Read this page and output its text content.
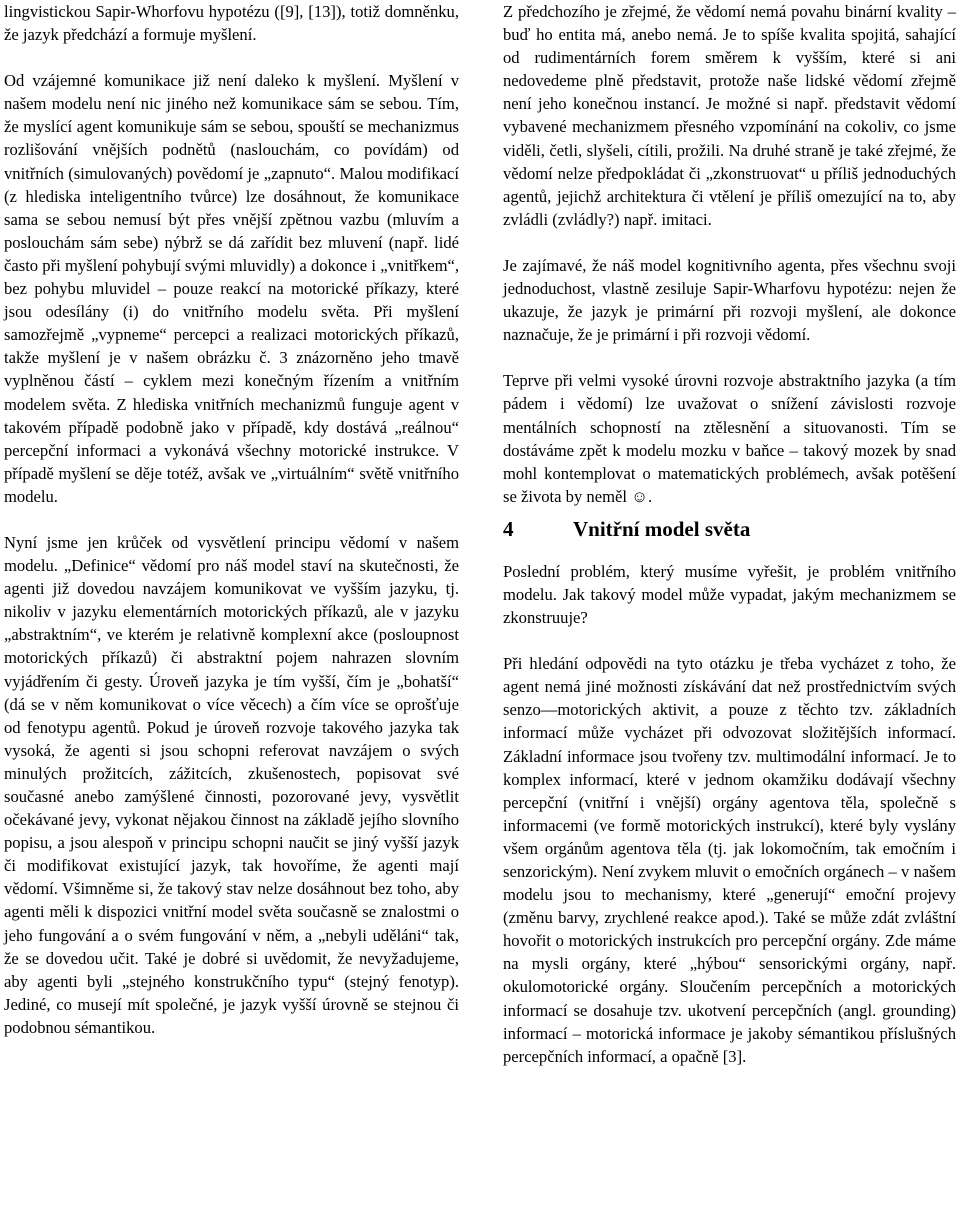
lingvistickou Sapir-Whorfovu hypotézu ([9], [13]), totiž domněnku, že jazyk předchází a formuje myšlení.

Od vzájemné komunikace již není daleko k myšlení. Myšlení v našem modelu není nic jiného než komunikace sám se sebou. Tím, že myslící agent komunikuje sám se sebou, spouští se mechanizmus rozlišování vnějších podnětů (naslouchám, co povídám) od vnitřních (simulovaných) povědomí je „zapnuto“. Malou modifikací (z hlediska inteligentního tvůrce) lze dosáhnout, že komunikace sama se sebou nemusí být přes vnější zpětnou vazbu (mluvím a poslouchám sám sebe) nýbrž se dá zařídit bez mluvení (např. lidé často při myšlení pohybují svými mluvidly) a dokonce i „vnitřkem“, bez pohybu mluvidel – pouze reakcí na motorické příkazy, které jsou odesílány (i) do vnitřního modelu světa. Při myšlení samozřejmě „vypneme“ percepci a realizaci motorických příkazů, takže myšlení je v našem obrázku č. 3 znázorněno jeho tmavě vyplněnou částí – cyklem mezi konečným řízením a vnitřním modelem světa. Z hlediska vnitřních mechanizmů funguje agent v takovém případě podobně jako v případě, kdy dostává „reálnou“ percepční informaci a vykonává všechny motorické instrukce. V případě myšlení se děje totéž, avšak ve „virtuálním“ světě vnitřního modelu.

Nyní jsme jen krůček od vysvětlení principu vědomí v našem modelu. „Definice“ vědomí pro náš model staví na skutečnosti, že agenti již dovedou navzájem komunikovat ve vyšším jazyku, tj. nikoliv v jazyku elementárních motorických příkazů, ale v jazyku „abstraktním“, ve kterém je relativně komplexní akce (posloupnost motorických příkazů) či abstraktní pojem nahrazen slovním vyjádřením či gesty. Úroveň jazyka je tím vyšší, čím je „bohatší“ (dá se v něm komunikovat o více věcech) a čím více se oprošťuje od fenotypu agentů. Pokud je úroveň rozvoje takového jazyka tak vysoká, že agenti si jsou schopni referovat navzájem o svých minulých prožitcích, zážitcích, zkušenostech, popisovat své současné anebo zamýšlené činnosti, pozorované jevy, vysvětlit očekávané jevy, vykonat nějakou činnost na základě jejího slovního popisu, a jsou alespoň v principu schopni naučit se jiný vyšší jazyk či modifikovat existující jazyk, tak hovoříme, že agenti mají vědomí. Všimněme si, že takový stav nelze dosáhnout bez toho, aby agenti měli k dispozici vnitřní model světa současně se znalostmi o jeho fungování a o svém fungování v něm, a „nebyli uděláni“ tak, že se dovedou učit. Také je dobré si uvědomit, že nevyžadujeme, aby agenti byli „stejného konstrukčního typu“ (stejný fenotyp). Jediné, co musejí mít společné, je jazyk vyšší úrovně se stejnou či podobnou sémantikou.

Z předchozího je zřejmé, že vědomí nemá povahu binární kvality – buď ho entita má, anebo nemá. Je to spíše kvalita spojitá, sahající od rudimentárních forem směrem k vyšším, které si ani nedovedeme plně představit, protože naše lidské vědomí zřejmě není jeho konečnou instancí. Je možné si např. představit vědomí vybavené mechanizmem přesného vzpomínání na cokoliv, co jsme viděli, četli, slyšeli, cítili, prožili. Na druhé straně je také zřejmé, že vědomí nelze předpokládat či „zkonstruovat“ u příliš jednoduchých agentů, jejichž architektura či vtělení je příliš omezující na to, aby zvládli (zvládly?) např. imitaci.

Je zajímavé, že náš model kognitivního agenta, přes všechnu svoji jednoduchost, vlastně zesiluje Sapir-Wharfovu hypotézu: nejen že ukazuje, že jazyk je primární při rozvoji myšlení, ale dokonce naznačuje, že je primární i při rozvoji vědomí.

Teprve při velmi vysoké úrovni rozvoje abstraktního jazyka (a tím pádem i vědomí) lze uvažovat o snížení závislosti rozvoje mentálních schopností na ztělesnění a situovanosti. Tím se dostáváme zpět k modelu mozku v baňce – takový mozek by snad mohl kontemplovat o matematických problémech, avšak potěšení se života by neměl ☺.

4	Vnitřní model světa

Poslední problém, který musíme vyřešit, je problém vnitřního modelu. Jak takový model může vypadat, jakým mechanizmem se zkonstruuje?

Při hledání odpovědi na tyto otázku je třeba vycházet z toho, že agent nemá jiné možnosti získávání dat než prostřednictvím svých senzo—motorických aktivit, a pouze z těchto tzv. základních informací může vycházet při odvozovat složitějších informací. Základní informace jsou tvořeny tzv. multimodální informací. Je to komplex informací, které v jednom okamžiku dodávají všechny percepční (vnitřní i vnější) orgány agentova těla, společně s informacemi (ve formě motorických instrukcí), které byly vyslány všem orgánům agentova těla (tj. jak lokomočním, tak emočním i senzorickým). Není zvykem mluvit o emočních orgánech – v našem modelu jsou to mechanismy, které „generují“ emoční projevy (změnu barvy, zrychlené reakce apod.). Také se může zdát zvláštní hovořit o motorických instrukcích pro percepční orgány. Zde máme na mysli orgány, které „hýbou“ sensorickými orgány, např. okulomotorické orgány. Sloučením percepčních a motorických informací se dosahuje tzv. ukotvení percepčních (angl. grounding) informací – motorická informace je jakoby sémantikou příslušných percepčních informací, a opačně [3].
